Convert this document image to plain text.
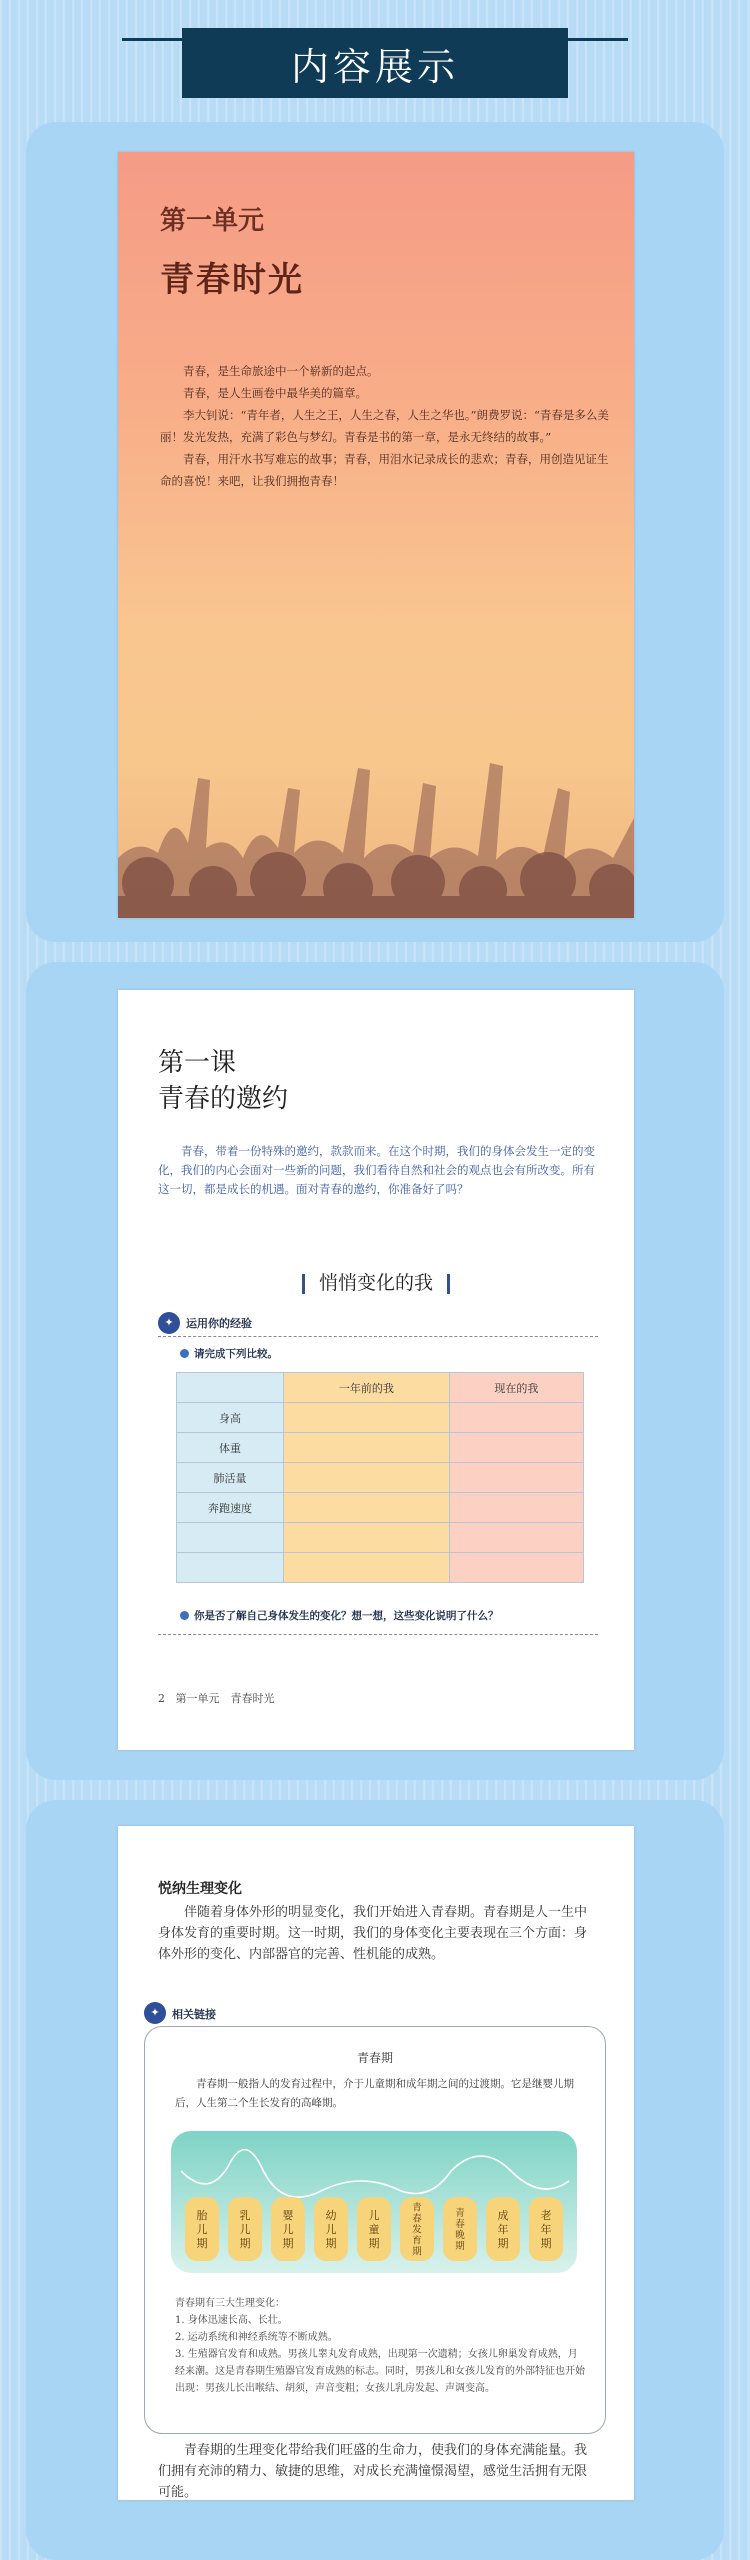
内容展示
第一单元
青春时光

青春，是生命旅途中一个崭新的起点。

青春，是人生画卷中最华美的篇章。

李大钊说：“青年者，人生之王，人生之春，人生之华也。”朗费罗说：“青春是多么美丽！发光发热，充满了彩色与梦幻。青春是书的第一章，是永无终结的故事。”

青春，用汗水书写难忘的故事；青春，用泪水记录成长的悲欢；青春，用创造见证生命的喜悦！来吧，让我们拥抱青春！

第一课
青春的邀约
青春，带着一份特殊的邀约，款款而来。在这个时期，我们的身体会发生一定的变化，我们的内心会面对一些新的问题，我们看待自然和社会的观点也会有所改变。所有这一切，都是成长的机遇。面对青春的邀约，你准备好了吗？
悄悄变化的我
✦	运用你的经验
请完成下列比较。
	一年前的我	现在的我
身高		
体重		
肺活量		
奔跑速度		

你是否了解自己身体发生的变化？想一想，这些变化说明了什么？
2 第一单元　青春时光
悦纳生理变化
伴随着身体外形的明显变化，我们开始进入青春期。青春期是人一生中身体发育的重要时期。这一时期，我们的身体变化主要表现在三个方面：身体外形的变化、内部器官的完善、性机能的成熟。
✦	相关链接
青春期
青春期一般指人的发育过程中，介于儿童期和成年期之间的过渡期。它是继婴儿期后，人生第二个生长发育的高峰期。
胎儿期
乳儿期
婴儿期
幼儿期
儿童期
青春发育期
青春晚期
成年期
老年期

青春期有三大生理变化：

1. 身体迅速长高、长壮。

2. 运动系统和神经系统等不断成熟。

3. 生殖器官发育和成熟。男孩儿睾丸发育成熟，出现第一次遗精；女孩儿卵巢发育成熟，月经来潮。这是青春期生殖器官发育成熟的标志。同时，男孩儿和女孩儿发育的外部特征也开始出现：男孩儿长出喉结、胡须，声音变粗；女孩儿乳房发起、声调变高。

青春期的生理变化带给我们旺盛的生命力，使我们的身体充满能量。我们拥有充沛的精力、敏捷的思维，对成长充满憧憬渴望，感觉生活拥有无限可能。
